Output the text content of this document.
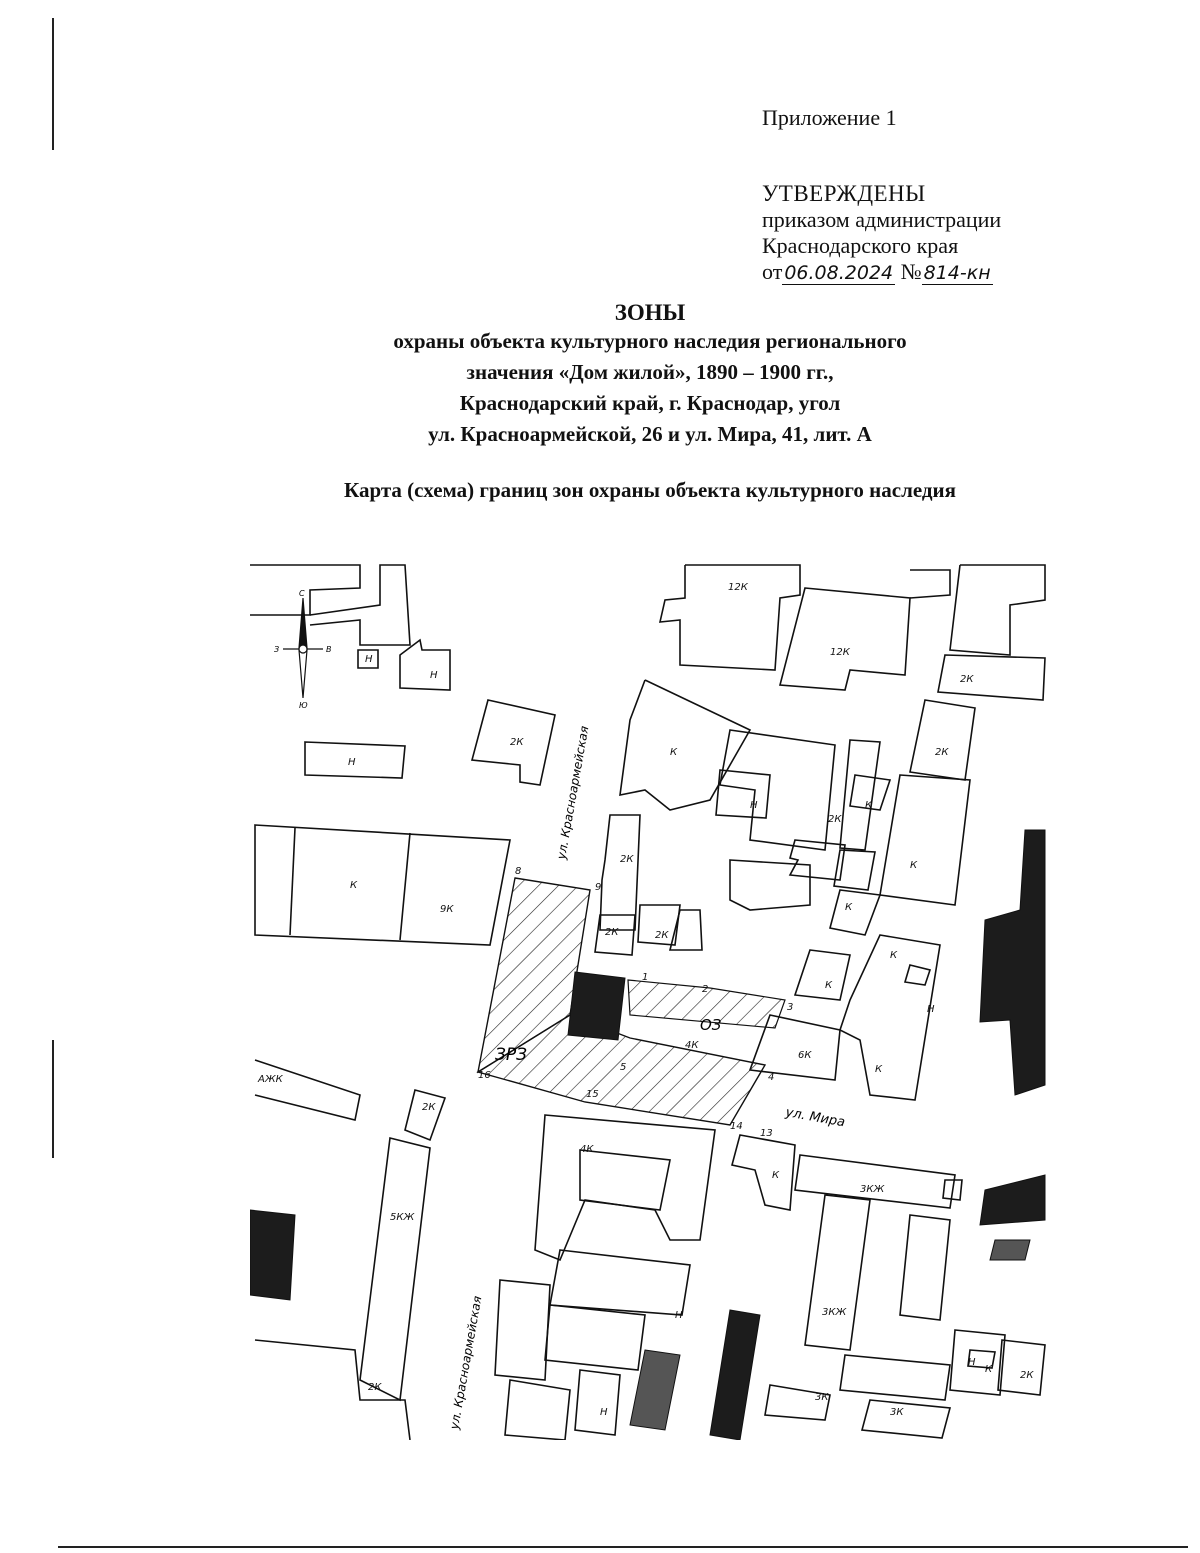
Приложение 1
УТВЕРЖДЕНЫ
приказом администрации
Краснодарского края
от 06.08.2024 № 814-кн
ЗОНЫ
охраны объекта культурного наследия регионального
значения «Дом жилой», 1890 – 1900 гг.,
Краснодарский край, г. Краснодар, угол
ул. Красноармейской, 26 и ул. Мира, 41, лит. А
Карта (схема) границ зон охраны объекта культурного наследия
С
Ю
З	В
ул. Красноармейская
ул. Красноармейская
ул. Мира
ЗРЗ
ОЗ
12К
12К
Н
Н	2К
2К
К
Н
2К
Н	К
2К
2К
К
9К
2К	2К
К
К
К
Н
К
4К
6К
К
АЖК
2К
5КЖ
4К
К
3КЖ
Н	3КЖ
Н
Н
2К
К
2К
3К
3К
1
2
3
4
5
8
9
13
14
15
16
